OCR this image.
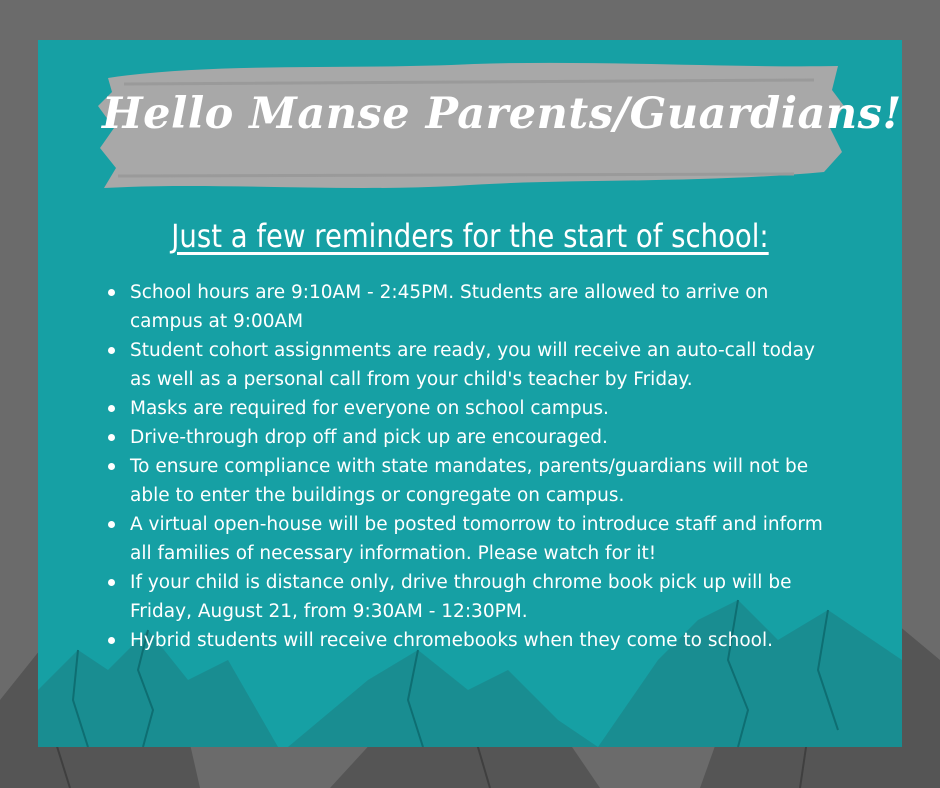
Hello Manse Parents/Guardians!
Just a few reminders for the start of school:
School hours are 9:10AM - 2:45PM. Students are allowed to arrive on campus at 9:00AM
Student cohort assignments are ready, you will receive an auto-call today as well as a personal call from your child's teacher by Friday.
Masks are required for everyone on school campus.
Drive-through drop off and pick up are encouraged.
To ensure compliance with state mandates, parents/guardians will not be able to enter the buildings or congregate on campus.
A virtual open-house will be posted tomorrow to introduce staff and inform all families of necessary information. Please watch for it!
If your child is distance only, drive through chrome book pick up will be Friday, August 21, from 9:30AM - 12:30PM.
Hybrid students will receive chromebooks when they come to school.
